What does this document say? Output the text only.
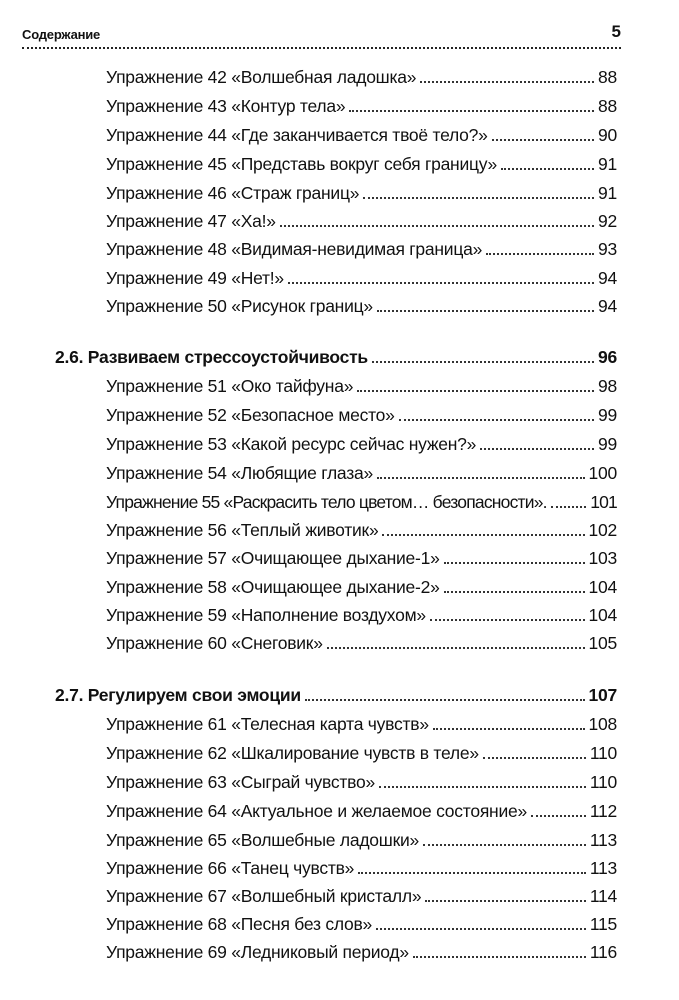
Содержание	5
Упражнение 42 «Волшебная ладошка»	88
Упражнение 43 «Контур тела»	88
Упражнение 44 «Где заканчивается твоё тело?»	90
Упражнение 45 «Представь вокруг себя границу»	91
Упражнение 46 «Страж границ»	91
Упражнение 47 «Ха!»	92
Упражнение 48 «Видимая-невидимая граница»	93
Упражнение 49 «Нет!»	94
Упражнение 50 «Рисунок границ»	94
2.6. Развиваем стрессоустойчивость	96
Упражнение 51 «Око тайфуна»	98
Упражнение 52 «Безопасное место»	99
Упражнение 53 «Какой ресурс сейчас нужен?»	99
Упражнение 54 «Любящие глаза»	100
Упражнение 55 «Раскрасить тело цветом… безопасности». 101
Упражнение 56 «Теплый животик»	102
Упражнение 57 «Очищающее дыхание-1»	103
Упражнение 58 «Очищающее дыхание-2»	104
Упражнение 59 «Наполнение воздухом»	104
Упражнение 60 «Снеговик»	105
2.7. Регулируем свои эмоции	107
Упражнение 61 «Телесная карта чувств»	108
Упражнение 62 «Шкалирование чувств в теле»	110
Упражнение 63 «Сыграй чувство»	110
Упражнение 64 «Актуальное и желаемое состояние»	112
Упражнение 65 «Волшебные ладошки»	113
Упражнение 66 «Танец чувств»	113
Упражнение 67 «Волшебный кристалл»	114
Упражнение 68 «Песня без слов»	115
Упражнение 69 «Ледниковый период»	116
